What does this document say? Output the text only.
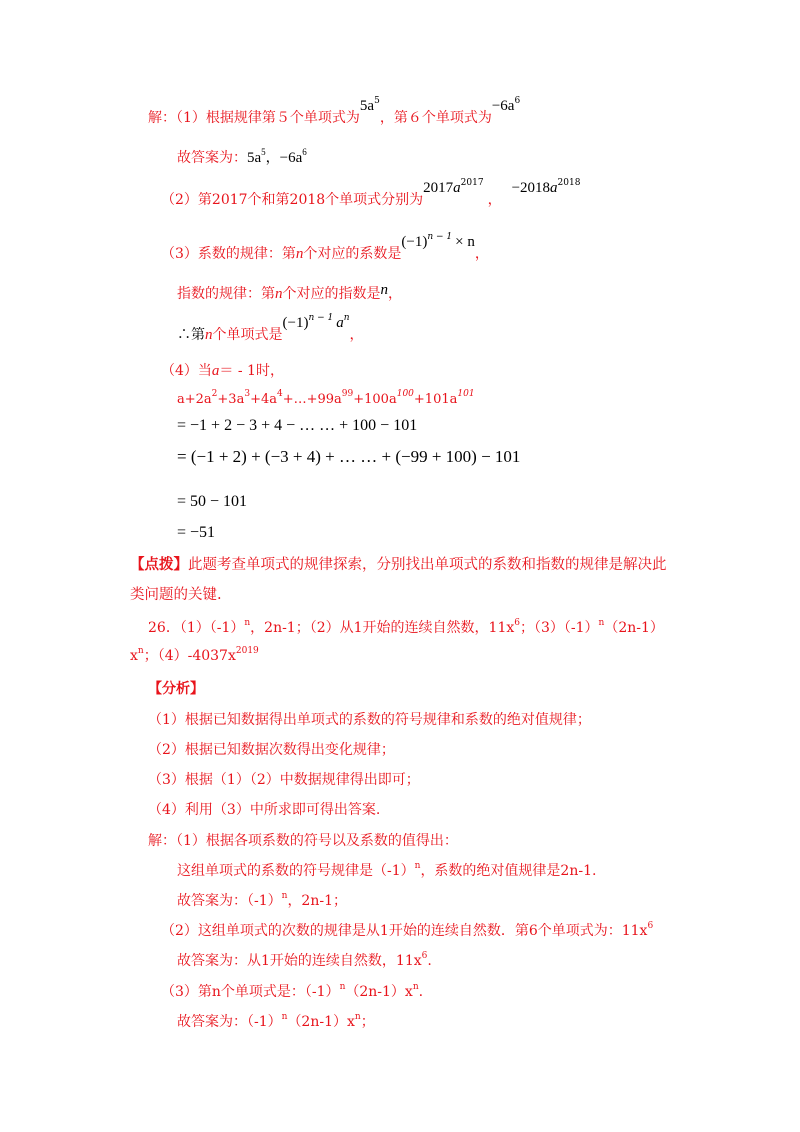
解：（1）根据规律第５个单项式为$5a^5$，第６个单项式为$-6a^6$
故答案为：$5a^5$，$-6a^6$
（2）第2017个和第2018个单项式分别为$2017a^{2017}$，$-2018a^{2018}$
（3）系数的规律：第n个对应的系数是$(-1)^{n - 1} \times n$，
指数的规律：第n个对应的指数是n，
∴第n个单项式是$(-1)^{n - 1}$ $a^n$，
（4）当a＝ - 1时，
$a+2a^2+3a^3+4a^4+\dots+99a^{99}+100a^{100}+101a^{101}$
= −1 + 2 − 3 + 4 − … … + 100 − 101
= (−1 + 2) + (−3 + 4) + … … + (−99 + 100) − 101
= 50 − 101
= −51
【点拨】此题考查单项式的规律探索，分别找出单项式的系数和指数的规律是解决此
类问题的关键.
26．$(1)(-1)^n$，2n-1；（2）从1开始的连续自然数，$11x^6$；$(3)(-1)^n(2n-1)$
$x^n$；$(4)-4037x^{2019}$
【分析】
（1）根据已知数据得出单项式的系数的符号规律和系数的绝对值规律；
（2）根据已知数据次数得出变化规律；
（3）根据（1）（2）中数据规律得出即可；
（4）利用（3）中所求即可得出答案.
解：（1）根据各项系数的符号以及系数的值得出：
这组单项式的系数的符号规律是$(-1)^n$，系数的绝对值规律是2n-1.
故答案为：$(-1)^n$，2n-1；
（2）这组单项式的次数的规律是从1开始的连续自然数．第6个单项式为：$11x^6$
故答案为：从1开始的连续自然数，$11x^6$.
（3）第n个单项式是：$(-1)^n(2n-1)x^n$.
故答案为：$(-1)^n(2n-1)x^n$；
